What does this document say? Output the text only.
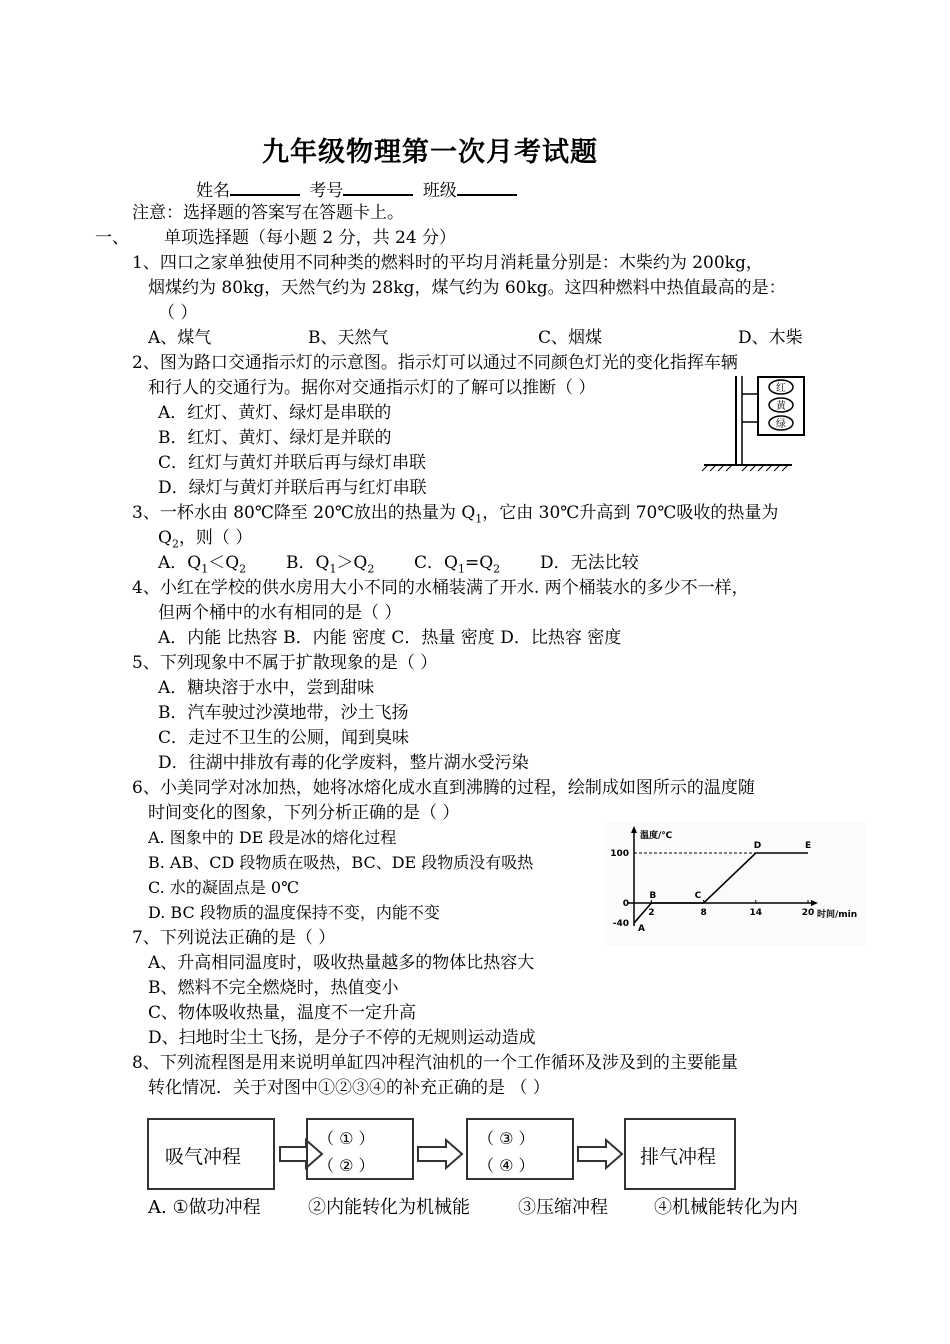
九年级物理第一次月考试题
姓名	考号	班级
注意：选择题的答案写在答题卡上。
一、 单项选择题（每小题 2 分，共 24 分）
1、四口之家单独使用不同种类的燃料时的平均月消耗量分别是：木柴约为 200kg，
烟煤约为 80kg，天然气约为 28kg，煤气约为 60kg。这四种燃料中热值最高的是：
（ ）
A、煤气	B、天然气	C、烟煤	D、木柴
2、图为路口交通指示灯的示意图。指示灯可以通过不同颜色灯光的变化指挥车辆
和行人的交通行为。据你对交通指示灯的了解可以推断（ ）
A．红灯、黄灯、绿灯是串联的
B．红灯、黄灯、绿灯是并联的
C．红灯与黄灯并联后再与绿灯串联
D．绿灯与黄灯并联后再与红灯串联
红
黄
绿
3、一杯水由 80℃降至 20℃放出的热量为 $Q_1$，它由 30℃升高到 70℃吸收的热量为
$Q_2$，则（ ）
A．$Q_1<Q_2$ B．$Q_1>Q_2$ C．$Q_1=Q_2$ D．无法比较
4、小红在学校的供水房用大小不同的水桶装满了开水. 两个桶装水的多少不一样，
但两个桶中的水有相同的是（ ）
A．内能 比热容 B．内能 密度 C．热量 密度 D．比热容 密度
5、下列现象中不属于扩散现象的是（ ）
A．糖块溶于水中，尝到甜味
B．汽车驶过沙漠地带，沙土飞扬
C．走过不卫生的公厕，闻到臭味
D．往湖中排放有毒的化学废料，整片湖水受污染
6、小美同学对冰加热，她将冰熔化成水直到沸腾的过程，绘制成如图所示的温度随
时间变化的图象，下列分析正确的是（ ）
A. 图象中的 DE 段是冰的熔化过程
B. AB、CD 段物质在吸热，BC、DE 段物质没有吸热
C. 水的凝固点是 0℃
D. BC 段物质的温度保持不变，内能不变
温度/℃
时间/min
100
0
-40
2	8	14	20
A
B	C
D	E
7、下列说法正确的是（ ）
A、升高相同温度时，吸收热量越多的物体比热容大
B、燃料不完全燃烧时，热值变小
C、物体吸收热量，温度不一定升高
D、扫地时尘土飞扬，是分子不停的无规则运动造成
8、下列流程图是用来说明单缸四冲程汽油机的一个工作循环及涉及到的主要能量
转化情况．关于对图中①②③④的补充正确的是 （ ）
吸气冲程
（ ① ）
（ ② ）
（ ③ ）
（ ④ ）	排气冲程
A. ①做功冲程	②内能转化为机械能	③压缩冲程	④机械能转化为内
